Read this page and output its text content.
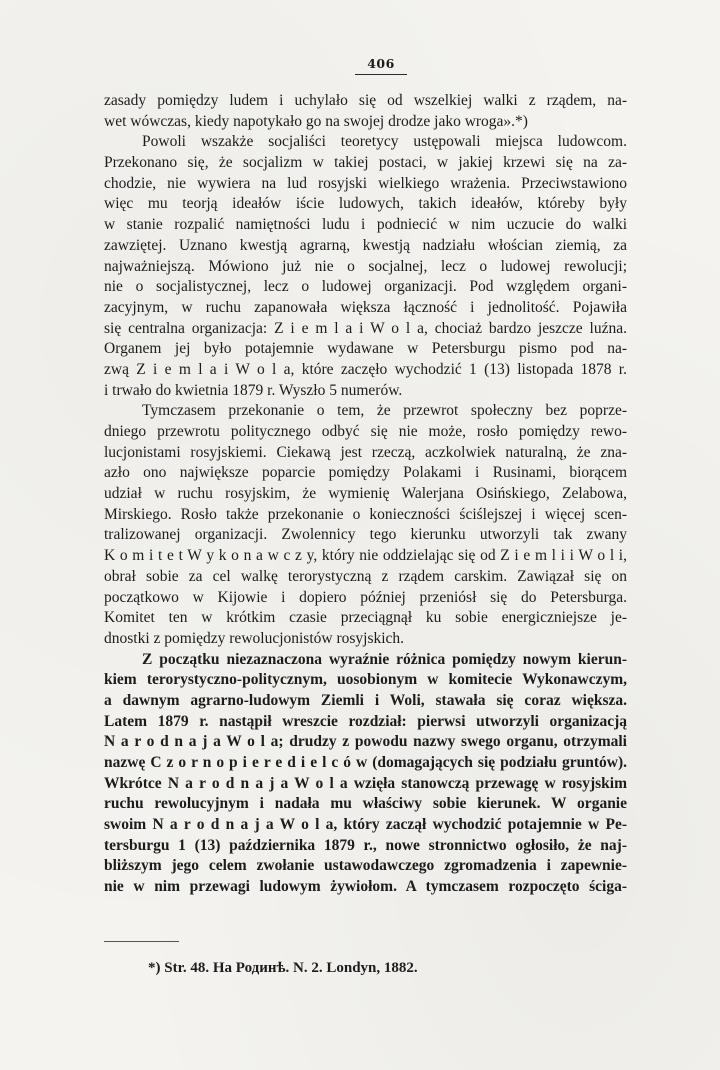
406
zasady pomiędzy ludem i uchylało się od wszelkiej walki z rządem, na-
wet wówczas, kiedy napotykało go na swojej drodze jako wroga».*)
Powoli wszakże socjaliści teoretycy ustępowali miejsca ludowcom.
Przekonano się, że socjalizm w takiej postaci, w jakiej krzewi się na za-
chodzie, nie wywiera na lud rosyjski wielkiego wrażenia. Przeciwstawiono
więc mu teorją ideałów iście ludowych, takich ideałów, któreby były
w stanie rozpalić namiętności ludu i podniecić w nim uczucie do walki
zawziętej. Uznano kwestją agrarną, kwestją nadziału włościan ziemią, za
najważniejszą. Mówiono już nie o socjalnej, lecz o ludowej rewolucji;
nie o socjalistycznej, lecz o ludowej organizacji. Pod względem organi-
zacyjnym, w ruchu zapanowała większa łączność i jednolitość. Pojawiła
się centralna organizacja: Z i e m l a i W o l a, chociaż bardzo jeszcze luźna.
Organem jej było potajemnie wydawane w Petersburgu pismo pod na-
zwą Z i e m l a i W o l a, które zaczęło wychodzić 1 (13) listopada 1878 r.
i trwało do kwietnia 1879 r. Wyszło 5 numerów.
Tymczasem przekonanie o tem, że przewrot społeczny bez poprze-
dniego przewrotu politycznego odbyć się nie może, rosło pomiędzy rewo-
lucjonistami rosyjskiemi. Ciekawą jest rzeczą, aczkolwiek naturalną, że zna-
azło ono największe poparcie pomiędzy Polakami i Rusinami, biorącem
udział w ruchu rosyjskim, że wymienię Walerjana Osińskiego, Zelabowa,
Mirskiego. Rosło także przekonanie o konieczności ściślejszej i więcej scen-
tralizowanej organizacji. Zwolennicy tego kierunku utworzyli tak zwany
K o m i t e t W y k o n a w c z y, który nie oddzielając się od Z i e m l i i W o l i,
obrał sobie za cel walkę terorystyczną z rządem carskim. Zawiązał się on
początkowo w Kijowie i dopiero później przeniósł się do Petersburga.
Komitet ten w krótkim czasie przeciągnął ku sobie energiczniejsze je-
dnostki z pomiędzy rewolucjonistów rosyjskich.
Z początku niezaznaczona wyraźnie różnica pomiędzy nowym kierun-
kiem terorystyczno-politycznym, uosobionym w komitecie Wykonawczym,
a dawnym agrarno-ludowym Ziemli i Woli, stawała się coraz większa.
Latem 1879 r. nastąpił wreszcie rozdział: pierwsi utworzyli organizacją
N a r o d n a j a W o l a; drudzy z powodu nazwy swego organu, otrzymali
nazwę C z o r n o p i e r e d i e l c ó w (domagających się podziału gruntów).
Wkrótce N a r o d n a j a W o l a wzięła stanowczą przewagę w rosyjskim
ruchu rewolucyjnym i nadała mu właściwy sobie kierunek. W organie
swoim N a r o d n a j a W o l a, który zaczął wychodzić potajemnie w Pe-
tersburgu 1 (13) października 1879 r., nowe stronnictwo ogłosiło, że naj-
bliższym jego celem zwołanie ustawodawczego zgromadzenia i zapewnie-
nie w nim przewagi ludowym żywiołom. A tymczasem rozpoczęto ściga-
*) Str. 48. На Родинѣ. N. 2. Londyn, 1882.
